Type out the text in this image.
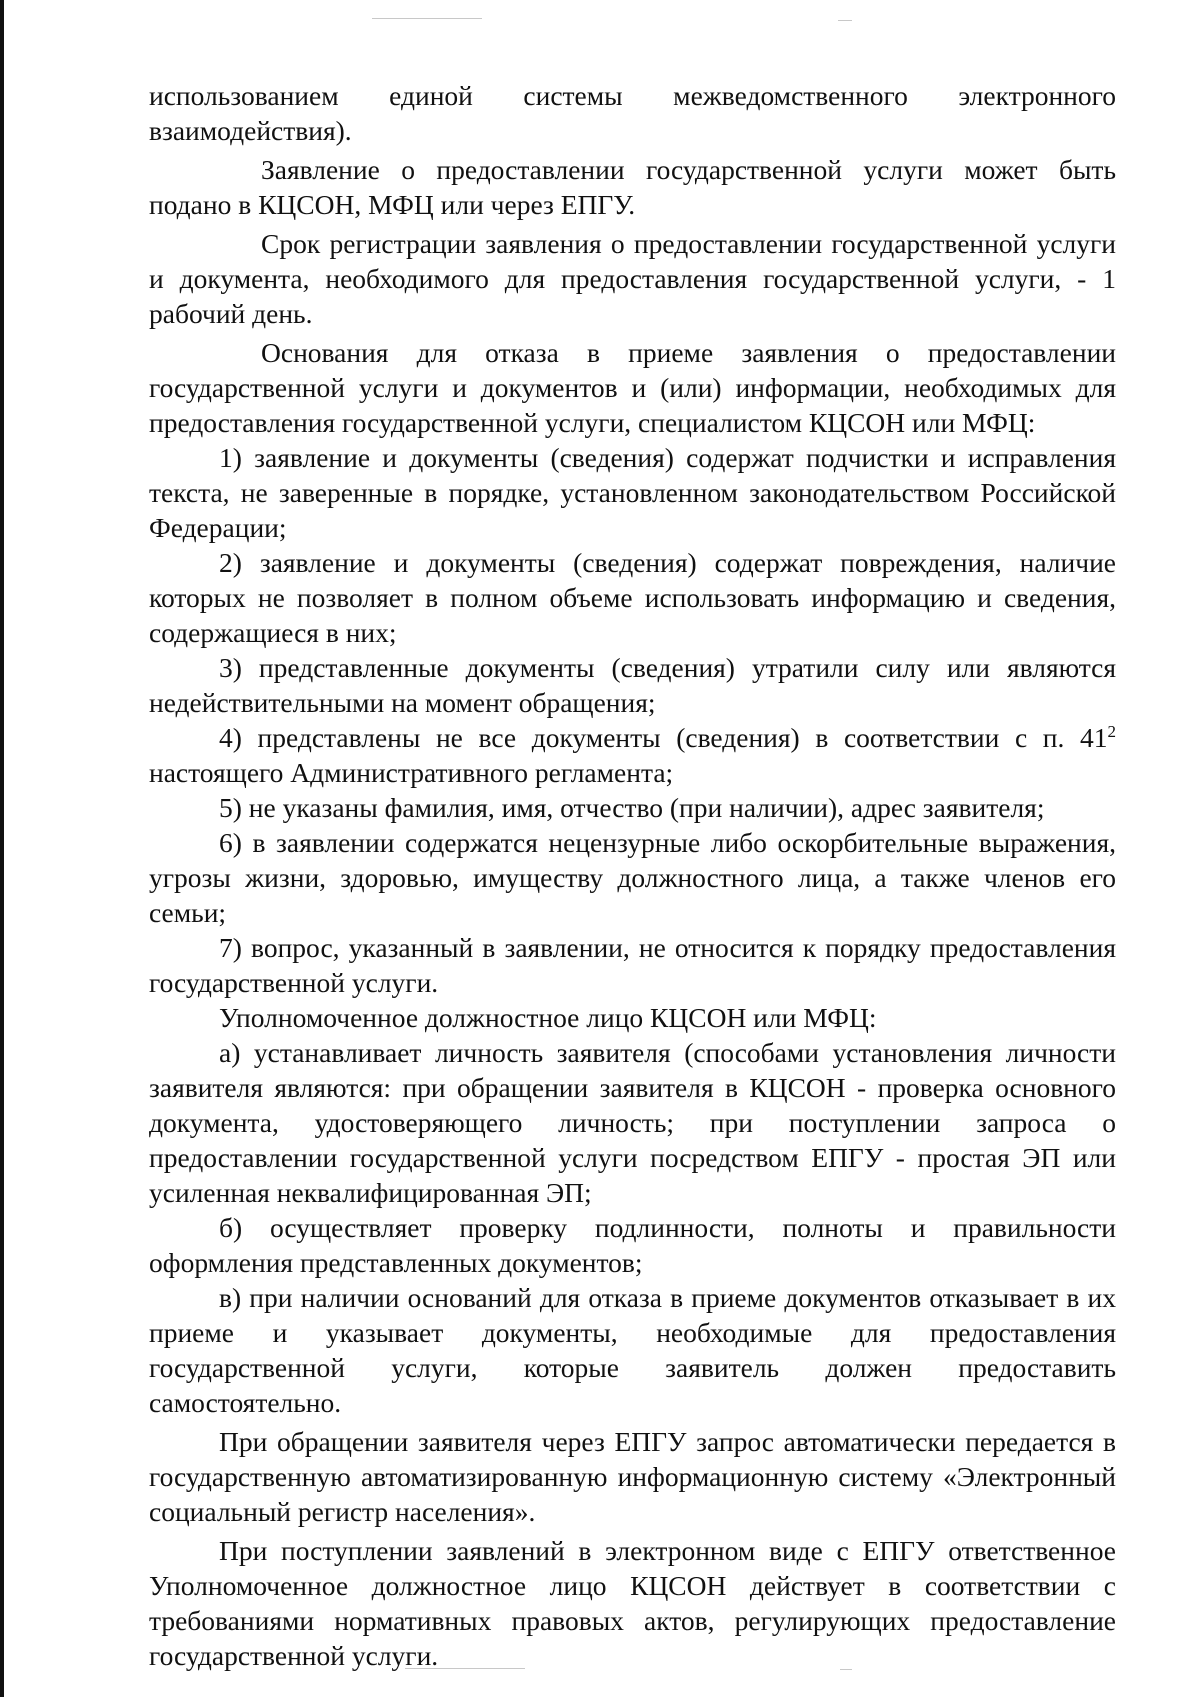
использованием единой системы межведомственного электронного взаимодействия).

Заявление о предоставлении государственной услуги может быть подано в КЦСОН, МФЦ или через ЕПГУ.

Срок регистрации заявления о предоставлении государственной услуги и документа, необходимого для предоставления государственной услуги, - 1 рабочий день.

Основания для отказа в приеме заявления о предоставлении государственной услуги и документов и (или) информации, необходимых для предоставления государственной услуги, специалистом КЦСОН или МФЦ:

1) заявление и документы (сведения) содержат подчистки и исправления текста, не заверенные в порядке, установленном законодательством Российской Федерации;

2) заявление и документы (сведения) содержат повреждения, наличие которых не позволяет в полном объеме использовать информацию и сведения, содержащиеся в них;

3) представленные документы (сведения) утратили силу или являются недействительными на момент обращения;

4) представлены не все документы (сведения) в соответствии с п. $41^2$ настоящего Административного регламента;

5) не указаны фамилия, имя, отчество (при наличии), адрес заявителя;

6) в заявлении содержатся нецензурные либо оскорбительные выражения, угрозы жизни, здоровью, имуществу должностного лица, а также членов его семьи;

7) вопрос, указанный в заявлении, не относится к порядку предоставления государственной услуги.

Уполномоченное должностное лицо КЦСОН или МФЦ:

а) устанавливает личность заявителя (способами установления личности заявителя являются: при обращении заявителя в КЦСОН - проверка основного документа, удостоверяющего личность; при поступлении запроса о предоставлении государственной услуги посредством ЕПГУ - простая ЭП или усиленная неквалифицированная ЭП;

б) осуществляет проверку подлинности, полноты и правильности оформления представленных документов;

в) при наличии оснований для отказа в приеме документов отказывает в их приеме и указывает документы, необходимые для предоставления государственной услуги, которые заявитель должен предоставить самостоятельно.

При обращении заявителя через ЕПГУ запрос автоматически передается в государственную автоматизированную информационную систему «Электронный социальный регистр населения».

При поступлении заявлений в электронном виде с ЕПГУ ответственное Уполномоченное должностное лицо КЦСОН действует в соответствии с требованиями нормативных правовых актов, регулирующих предоставление государственной услуги.
